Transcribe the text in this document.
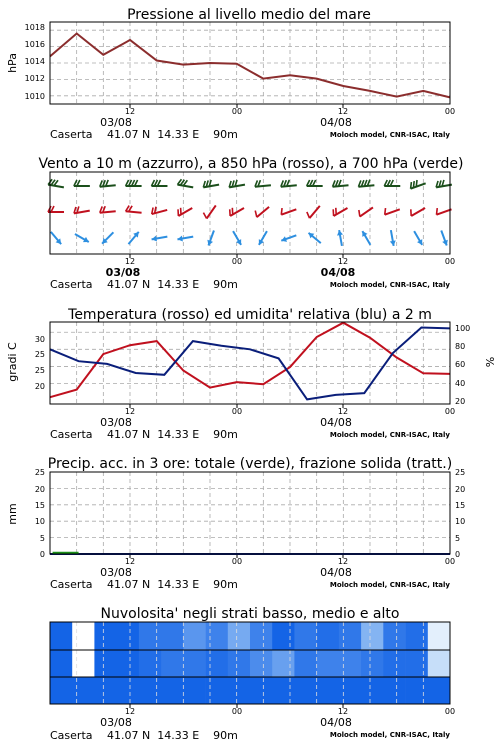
Pressione al livello medio del mare
hPa
1018
1016
1014
1012
1010
12	00	12	00
03/08	04/08
Caserta 41.07 N  14.33 E    90m	Moloch model, CNR-ISAC, Italy
Vento a 10 m (azzurro), a 850 hPa (rosso), a 700 hPa (verde)
12	00	12	00
03/08	04/08
Caserta 41.07 N  14.33 E    90m	Moloch model, CNR-ISAC, Italy
Temperatura (rosso) ed umidita' relativa (blu) a 2 m
gradi C	%
30
25
25
20
100
80
60
40
20
12	00	12	00
03/08	04/08
Caserta 41.07 N  14.33 E    90m	Moloch model, CNR-ISAC, Italy
Precip. acc. in 3 ore: totale (verde), frazione solida (tratt.)
mm
25
20
15
10
5
0
25
20
15
10
5
0
12	00	12	00
03/08	04/08
Caserta 41.07 N  14.33 E    90m	Moloch model, CNR-ISAC, Italy
Nuvolosita' negli strati basso, medio e alto
12	00	12	00
03/08	04/08
Caserta 41.07 N  14.33 E    90m	Moloch model, CNR-ISAC, Italy
